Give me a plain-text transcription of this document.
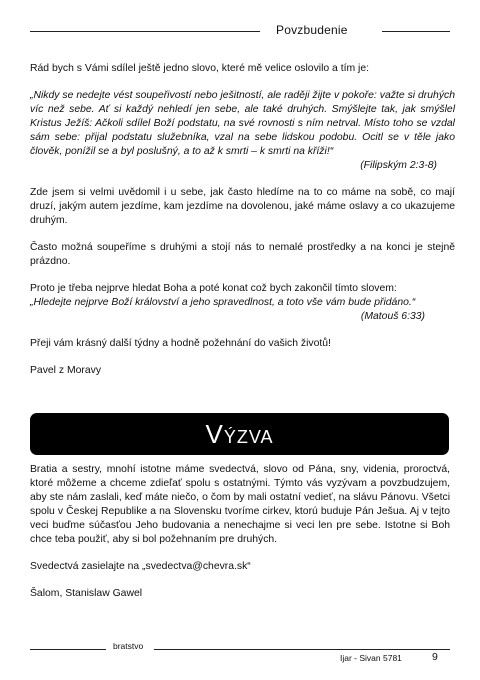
Povzbudenie

Rád bych s Vámi sdílel ještě jedno slovo, které mě velice oslovilo a tím je:

„Nikdy se nedejte vést soupeřivostí nebo ješitností, ale raději žijte v pokoře: važte si druhých víc než sebe. Ať si každý nehledí jen sebe, ale také druhých. Smýšlejte tak, jak smýšlel Kristus Ježíš: Ačkoli sdílel Boží podstatu, na své rovnosti s ním netrval. Místo toho se vzdal sám sebe: přijal podstatu služebníka, vzal na sebe lidskou podobu. Ocitl se v těle jako člověk, ponížil se a byl poslušný, a to až k smrti – k smrti na kříži!“

(Filipským 2:3-8)

Zde jsem si velmi uvědomil i u sebe, jak často hledíme na to co máme na sobě, co mají druzí, jakým autem jezdíme, kam jezdíme na dovolenou, jaké máme oslavy a co ukazujeme druhým.

Často možná soupeříme s druhými a stojí nás to nemalé prostředky a na konci je stejně prázdno.

Proto je třeba nejprve hledat Boha a poté konat což bych zakončil tímto slovem:

„Hledejte nejprve Boží království a jeho spravedlnost, a toto vše vám bude přidáno.“

(Matouš 6:33)

Přeji vám krásný další týdny a hodně požehnání do vašich životů!

Pavel z Moravy

Výzva

Bratia a sestry, mnohí istotne máme svedectvá, slovo od Pána, sny, videnia, proroctvá, ktoré môžeme a chceme zdieľať spolu s ostatnými. Týmto vás vyzývam a povzbudzujem, aby ste nám zaslali, keď máte niečo, o čom by mali ostatní vedieť, na slávu Pánovu. Všetci spolu v Českej Republike a na Slovensku tvoríme cirkev, ktorú buduje Pán Ješua. Aj v tejto veci buďme súčasťou Jeho budovania a nenechajme si veci len pre sebe. Istotne si Boh chce teba použiť, aby si bol požehnaním pre druhých.

Svedectvá zasielajte na „svedectva@chevra.sk“

Šalom, Stanislaw Gawel

bratstvo
Ijar - Sivan 5781	9
